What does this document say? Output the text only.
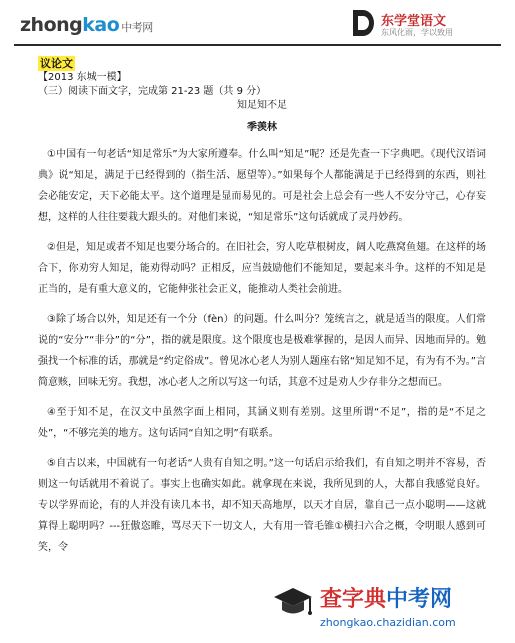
zhongkao 中考网	东学堂语文
东风化雨，学以致用
议论文
【2013 东城一模】
（三）阅读下面文字，完成第 21-23 题（共 9 分）
知足知不足
季羡林
①中国有一句老话“知足常乐”为大家所遵奉。什么叫“知足”呢？还是先查一下字典吧。《现代汉语词典》说“知足，满足于已经得到的（指生活、愿望等）。”如果每个人都能满足于已经得到的东西，则社会必能安定，天下必能太平。这个道理是显而易见的。可是社会上总会有一些人不安分守己，心存妄想，这样的人往往要栽大跟头的。对他们来说，“知足常乐”这句话就成了灵丹妙药。
②但是，知足或者不知足也要分场合的。在旧社会，穷人吃草根树皮，阔人吃燕窝鱼翅。在这样的场合下，你劝穷人知足，能劝得动吗？正相反，应当鼓励他们不能知足，要起来斗争。这样的不知足是正当的，是有重大意义的，它能伸张社会正义，能推动人类社会前进。
③除了场合以外，知足还有一个分（fèn）的问题。什么叫分？笼统言之，就是适当的限度。人们常说的“安分”“非分”的“分”，指的就是限度。这个限度也是极难掌握的，是因人而异、因地而异的。勉强找一个标准的话，那就是“约定俗成”。曾见冰心老人为别人题座右铭“知足知不足，有为有不为。”言简意赅，回味无穷。我想，冰心老人之所以写这一句话，其意不过是劝人少存非分之想而已。
④至于知不足，在汉文中虽然字面上相同，其涵义则有差别。这里所谓“不足”，指的是“不足之处”，“不够完美的地方。这句话同“自知之明”有联系。
⑤自古以来，中国就有一句老话“人贵有自知之明。”这一句话启示给我们，有自知之明并不容易，否则这一句话就用不着说了。事实上也确实如此。就拿现在来说，我所见到的人，大都自我感觉良好。专以学界而论，有的人并没有读几本书，却不知天高地厚，以天才自居，靠自己一点小聪明——这就算得上聪明吗？---狂傲恣睢，骂尽天下一切文人，大有用一管毛锥①横扫六合之概，令明眼人感到可笑，令
查字典中考网
zhongkao.chazidian.com
